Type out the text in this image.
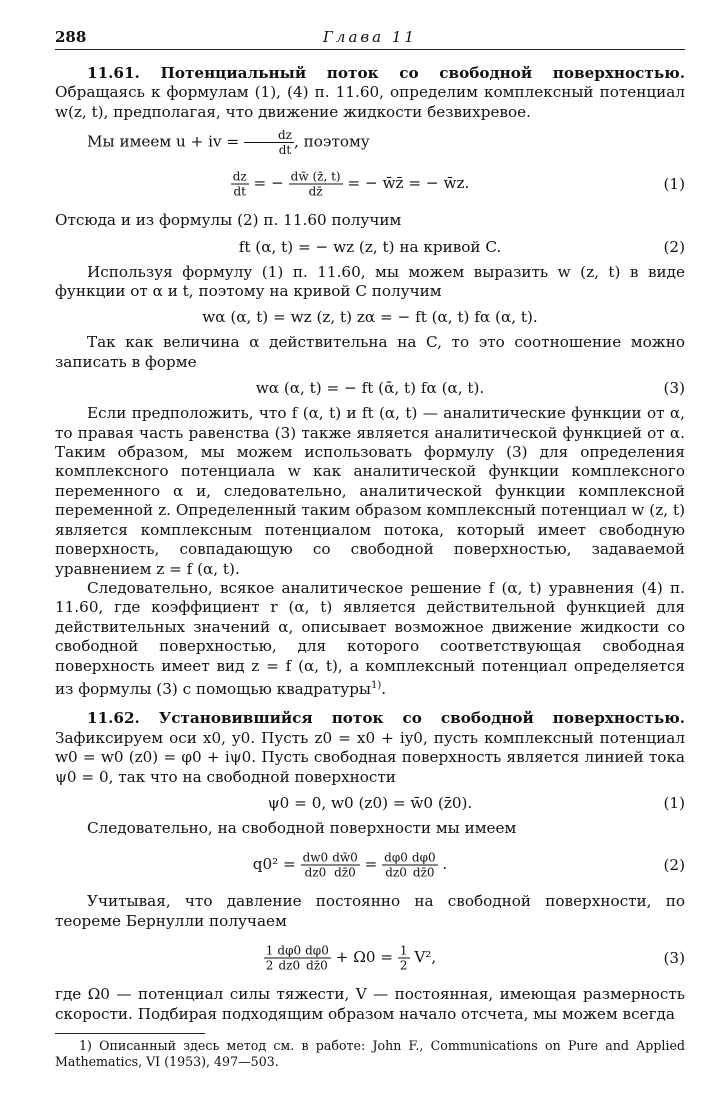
288	Глава 11

11.61. Потенциальный поток со свободной поверхностью. Обращаясь к формулам (1), (4) п. 11.60, определим комплексный потенциал w(z, t), предполагая, что движение жидкости безвихревое.

Мы имеем u + iv = $\frac{dz}{dt}$ , поэтому

$\frac{dz}{dt}$ = − $\frac{dw̄ (z̄, t)}{dz̄}$ = − w̄z̄ = − w̄z.	(1)

Отсюда и из формулы (2) п. 11.60 получим

ft (α, t) = − wz (z, t) на кривой C.	(2)

Используя формулу (1) п. 11.60, мы можем выразить w (z, t) в виде функции от α и t, поэтому на кривой C получим

wα (α, t) = wz (z, t) zα = − ft (α, t) fα (α, t).

Так как величина α действительна на C, то это соотношение можно записать в форме

wα (α, t) = − ft (ᾱ, t) fα (α, t).	(3)

Если предположить, что f (α, t) и ft (α, t) — аналитические функции от α, то правая часть равенства (3) также является аналитической функцией от α. Таким образом, мы можем использовать формулу (3) для определения комплексного потенциала w как аналитической функции комплексного переменного α и, следовательно, аналитической функции комплексной переменной z. Определенный таким образом комплексный потенциал w (z, t) является комплексным потенциалом потока, который имеет свободную поверхность, совпадающую со свободной поверхностью, задаваемой уравнением z = f (α, t).

Следовательно, всякое аналитическое решение f (α, t) уравнения (4) п. 11.60, где коэффициент r (α, t) является действительной функцией для действительных значений α, описывает возможное движение жидкости со свободной поверхностью, для которого соответствующая свободная поверхность имеет вид z = f (α, t), а комплексный потенциал определяется из формулы (3) с помощью квадратуры$^{1)}$.

11.62. Установившийся поток со свободной поверхностью. Зафиксируем оси x0, y0. Пусть z0 = x0 + iy0, пусть комплексный потенциал w0 = w0 (z0) = φ0 + iψ0. Пусть свободная поверхность является линией тока ψ0 = 0, так что на свободной поверхности

ψ0 = 0, w0 (z0) = w̄0 (z̄0).	(1)

Следовательно, на свободной поверхности мы имеем

$q0^2 = \frac{dw0}{dz0} \frac{dw̄0}{dz̄0} = \frac{d\varphi 0}{dz0} \frac{d\varphi 0}{dz̄0}$ .	(2)

Учитывая, что давление постоянно на свободной поверхности, по теореме Бернулли получаем

$\frac{1}{2} \frac{d\varphi 0}{dz0} \frac{d\varphi 0}{dz̄0} + \Omega 0 = \frac{1}{2} V^2$,	(3)

где Ω0 — потенциал силы тяжести, V — постоянная, имеющая размерность скорости. Подбирая подходящим образом начало отсчета, мы можем всегда

1) Описанный здесь метод см. в работе: John F., Communications on Pure and Applied Mathematics, VI (1953), 497—503.
